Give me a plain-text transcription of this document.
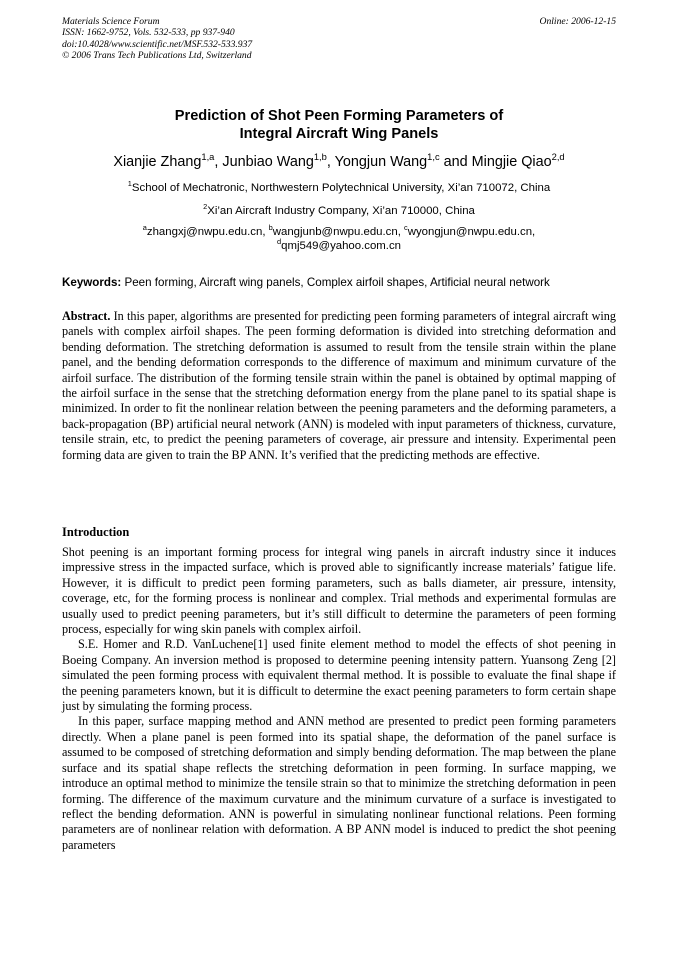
Materials Science Forum
ISSN: 1662-9752, Vols. 532-533, pp 937-940
doi:10.4028/www.scientific.net/MSF.532-533.937
© 2006 Trans Tech Publications Ltd, Switzerland
Online: 2006-12-15
Prediction of Shot Peen Forming Parameters of
Integral Aircraft Wing Panels
Xianjie Zhang$^{1,a}$, Junbiao Wang$^{1,b}$, Yongjun Wang$^{1,c}$ and Mingjie Qiao$^{2,d}$
$^1$School of Mechatronic, Northwestern Polytechnical University, Xi’an 710072, China
$^2$Xi’an Aircraft Industry Company, Xi’an 710000, China
$^a$zhangxj@nwpu.edu.cn, $^b$wangjunb@nwpu.edu.cn, $^c$wyongjun@nwpu.edu.cn,
$^d$qmj549@yahoo.com.cn
Keywords: Peen forming, Aircraft wing panels, Complex airfoil shapes, Artificial neural network

Abstract. In this paper, algorithms are presented for predicting peen forming parameters of integral aircraft wing panels with complex airfoil shapes. The peen forming deformation is divided into stretching deformation and bending deformation. The stretching deformation is assumed to result from the tensile strain within the plane panel, and the bending deformation corresponds to the difference of maximum and minimum curvature of the airfoil surface. The distribution of the forming tensile strain within the panel is obtained by optimal mapping of the airfoil surface in the sense that the stretching deformation energy from the plane panel to its spatial shape is minimized. In order to fit the nonlinear relation between the peening parameters and the deforming parameters, a back-propagation (BP) artificial neural network (ANN) is modeled with input parameters of thickness, curvature, tensile strain, etc, to predict the peening parameters of coverage, air pressure and intensity. Experimental peen forming data are given to train the BP ANN. It’s verified that the predicting methods are effective.

Introduction

Shot peening is an important forming process for integral wing panels in aircraft industry since it induces impressive stress in the impacted surface, which is proved able to significantly increase materials’ fatigue life. However, it is difficult to predict peen forming parameters, such as balls diameter, air pressure, intensity, coverage, etc, for the forming process is nonlinear and complex. Trial methods and experimental formulas are usually used to predict peening parameters, but it’s still difficult to determine the parameters of peen forming process, especially for wing skin panels with complex airfoil.

S.E. Homer and R.D. VanLuchene[1] used finite element method to model the effects of shot peening in Boeing Company. An inversion method is proposed to determine peening intensity pattern. Yuansong Zeng [2] simulated the peen forming process with equivalent thermal method. It is possible to evaluate the final shape if the peening parameters known, but it is difficult to determine the exact peening parameters to form certain shape just by simulating the forming process.

In this paper, surface mapping method and ANN method are presented to predict peen forming parameters directly. When a plane panel is peen formed into its spatial shape, the deformation of the panel surface is assumed to be composed of stretching deformation and simply bending deformation. The map between the plane surface and its spatial shape reflects the stretching deformation in peen forming. In surface mapping, we introduce an optimal method to minimize the tensile strain so that to minimize the stretching deformation in peen forming. The difference of the maximum curvature and the minimum curvature of a surface is investigated to reflect the bending deformation. ANN is powerful in simulating nonlinear functional relations. Peen forming parameters are of nonlinear relation with deformation. A BP ANN model is induced to predict the shot peening parameters
